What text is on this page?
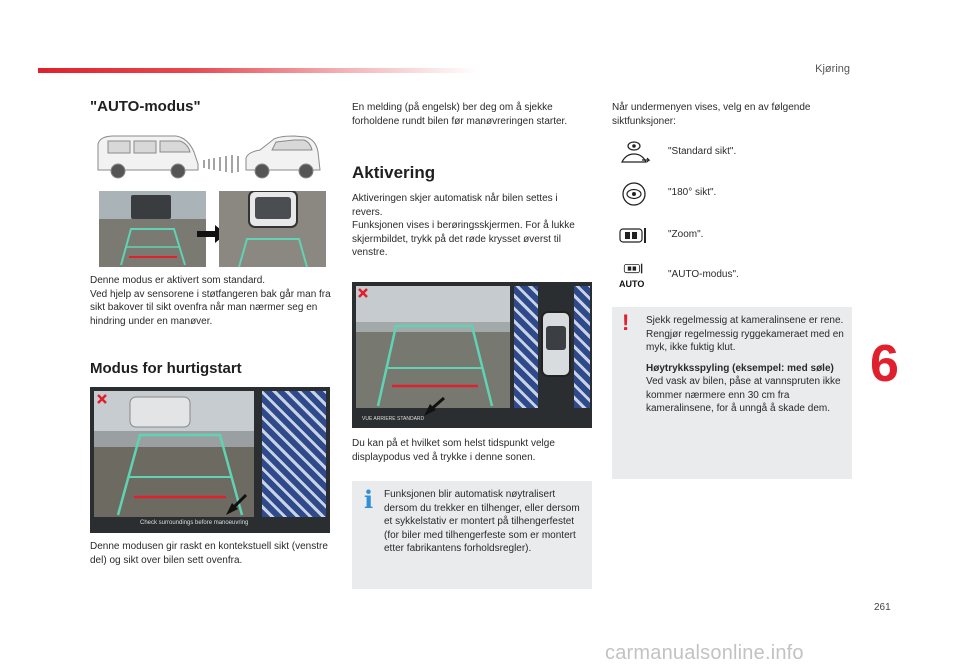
Kjøring
6
261
carmanualsonline.info
"AUTO-modus"

Denne modus er aktivert som standard.

Ved hjelp av sensorene i støtfangeren bak går man fra sikt bakover til sikt ovenfra når man nærmer seg en hindring under en manøver.

Modus for hurtigstart
Check surroundings before manoeuvring
Denne modusen gir raskt en kontekstuell sikt (venstre del) og sikt over bilen sett ovenfra.
En melding (på engelsk) ber deg om å sjekke forholdene rundt bilen før manøvreringen starter.
Aktivering

Aktiveringen skjer automatisk når bilen settes i revers.

Funksjonen vises i berøringsskjermen. For å lukke skjermbildet, trykk på det røde krysset øverst til venstre.

VUE ARRIERE STANDARD
Du kan på et hvilket som helst tidspunkt velge displaypodus ved å trykke i denne sonen.
i Funksjonen blir automatisk nøytralisert dersom du trekker en tilhenger, eller dersom et sykkelstativ er montert på tilhengerfestet (for biler med tilhengerfeste som er montert etter fabrikantens forholdsregler).
Når undermenyen vises, velg en av følgende siktfunksjoner:
"Standard sikt".
"180° sikt".
"Zoom".
AUTO
"AUTO-modus".
! Sjekk regelmessig at kameralinsene er rene.
Rengjør regelmessig ryggekameraet med en myk, ikke fuktig klut.

Høytrykksspyling (eksempel: med søle)
Ved vask av bilen, påse at vannspruten ikke kommer nærmere enn 30 cm fra kameralinsene, for å unngå å skade dem.
